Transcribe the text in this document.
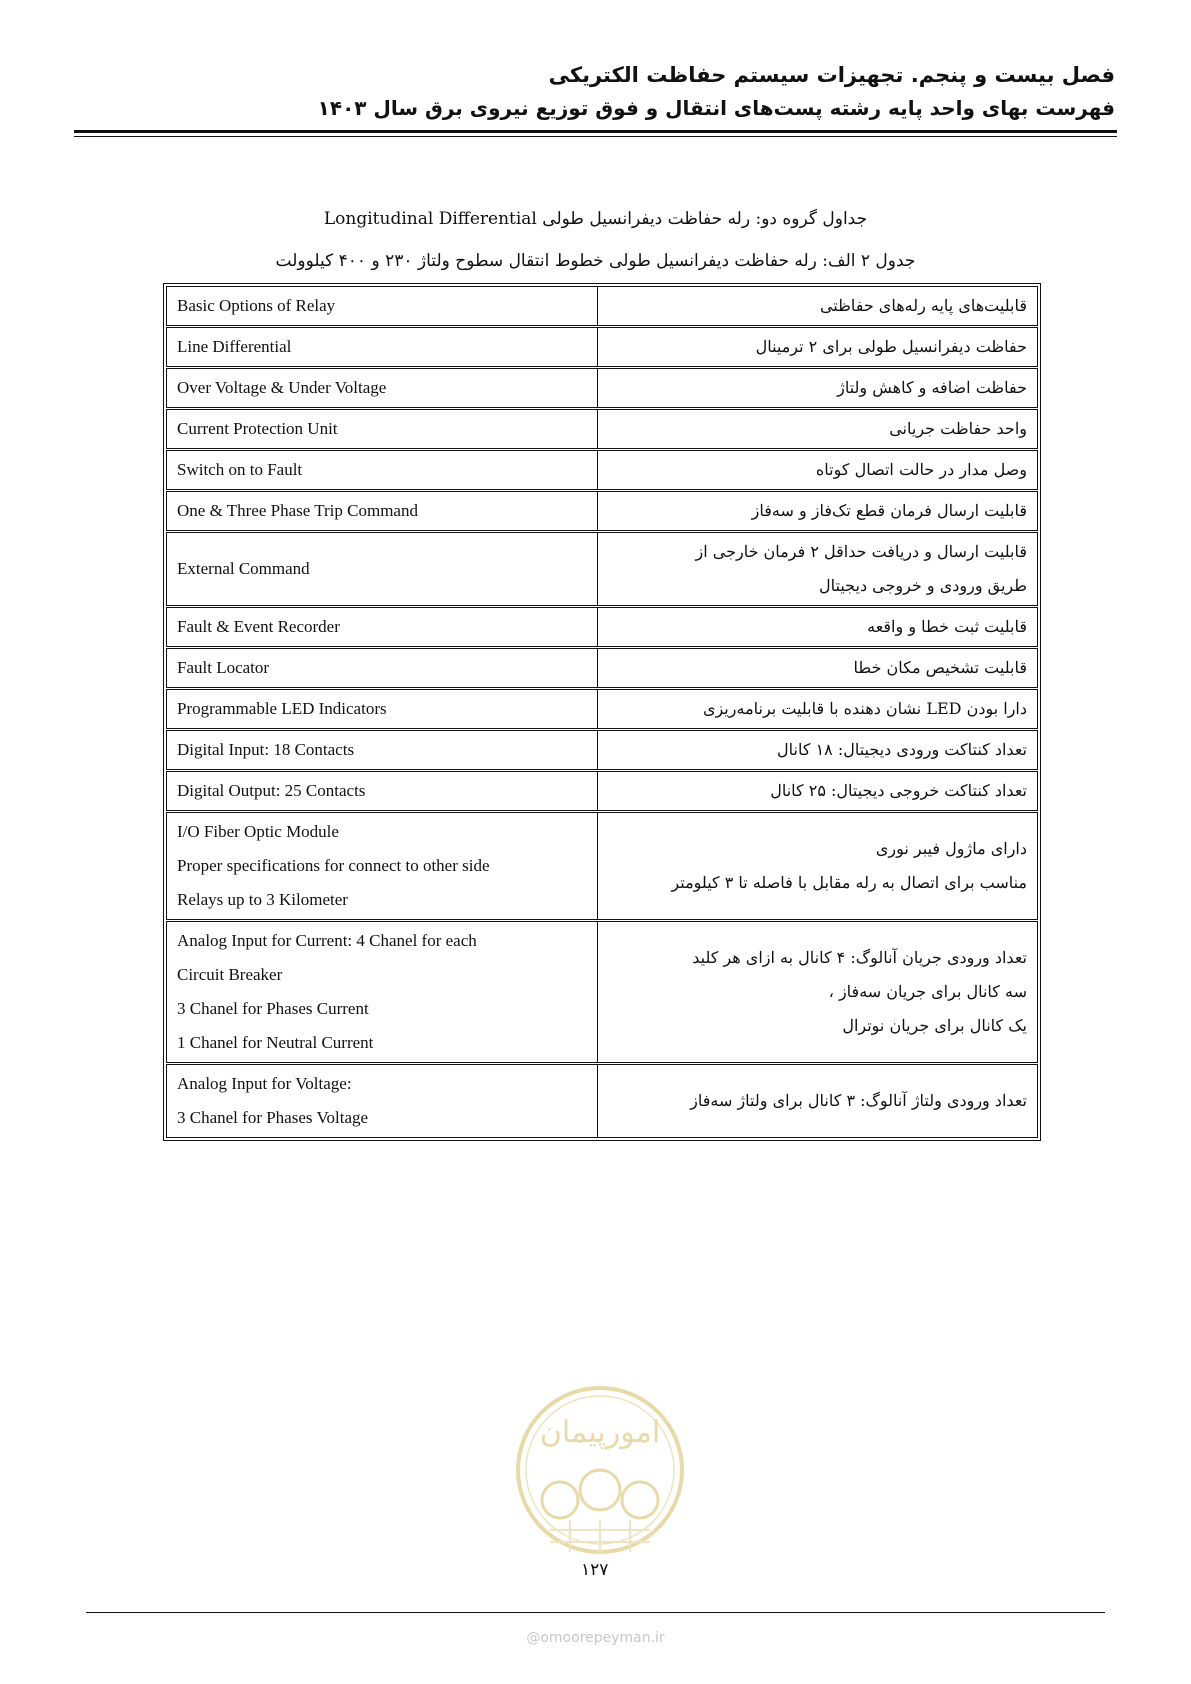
فصل بیست و پنجم. تجهیزات سیستم حفاظت الکتریکی
فهرست بهای واحد پایه رشته پست‌های انتقال و فوق توزیع نیروی برق سال ۱۴۰۳
جداول گروه دو: رله حفاظت دیفرانسیل طولی Longitudinal Differential
جدول ۲ الف: رله حفاظت دیفرانسیل طولی خطوط انتقال سطوح ولتاژ ۲۳۰ و ۴۰۰ کیلوولت
Basic Options of Relay	قابلیت‌های پایه رله‌های حفاظتی

Line Differential	حفاظت دیفرانسیل طولی برای ۲ ترمینال

Over Voltage & Under Voltage	حفاظت اضافه و کاهش ولتاژ

Current Protection Unit	واحد حفاظت جریانی

Switch on to Fault	وصل مدار در حالت اتصال کوتاه

One & Three Phase Trip Command	قابلیت ارسال فرمان قطع تک‌فاز و سه‌فاز

External Command	قابلیت ارسال و دریافت حداقل ۲ فرمان خارجی از
طریق ورودی و خروجی دیجیتال

Fault & Event Recorder	قابلیت ثبت خطا و واقعه

Fault Locator	قابلیت تشخیص مکان خطا

Programmable LED Indicators	دارا بودن LED نشان دهنده با قابلیت برنامه‌ریزی

Digital Input: 18 Contacts	تعداد کنتاکت ورودی دیجیتال: ۱۸ کانال

Digital Output: 25 Contacts	تعداد کنتاکت خروجی دیجیتال: ۲۵ کانال

I/O Fiber Optic Module
Proper specifications for connect to other side
Relays up to 3 Kilometer	دارای ماژول فیبر نوری
مناسب برای اتصال به رله مقابل با فاصله تا ۳ کیلومتر

Analog Input for Current: 4 Chanel for each
Circuit Breaker
3 Chanel for Phases Current
1 Chanel for Neutral Current	تعداد ورودی جریان آنالوگ: ۴ کانال به ازای هر کلید
سه کانال برای جریان سه‌فاز ،
یک کانال برای جریان نوترال

Analog Input for Voltage:
3 Chanel for Phases Voltage	تعداد ورودی ولتاژ آنالوگ: ۳ کانال برای ولتاژ سه‌فاز
امورپیمان
۱۲۷
@omoorepeyman.ir
